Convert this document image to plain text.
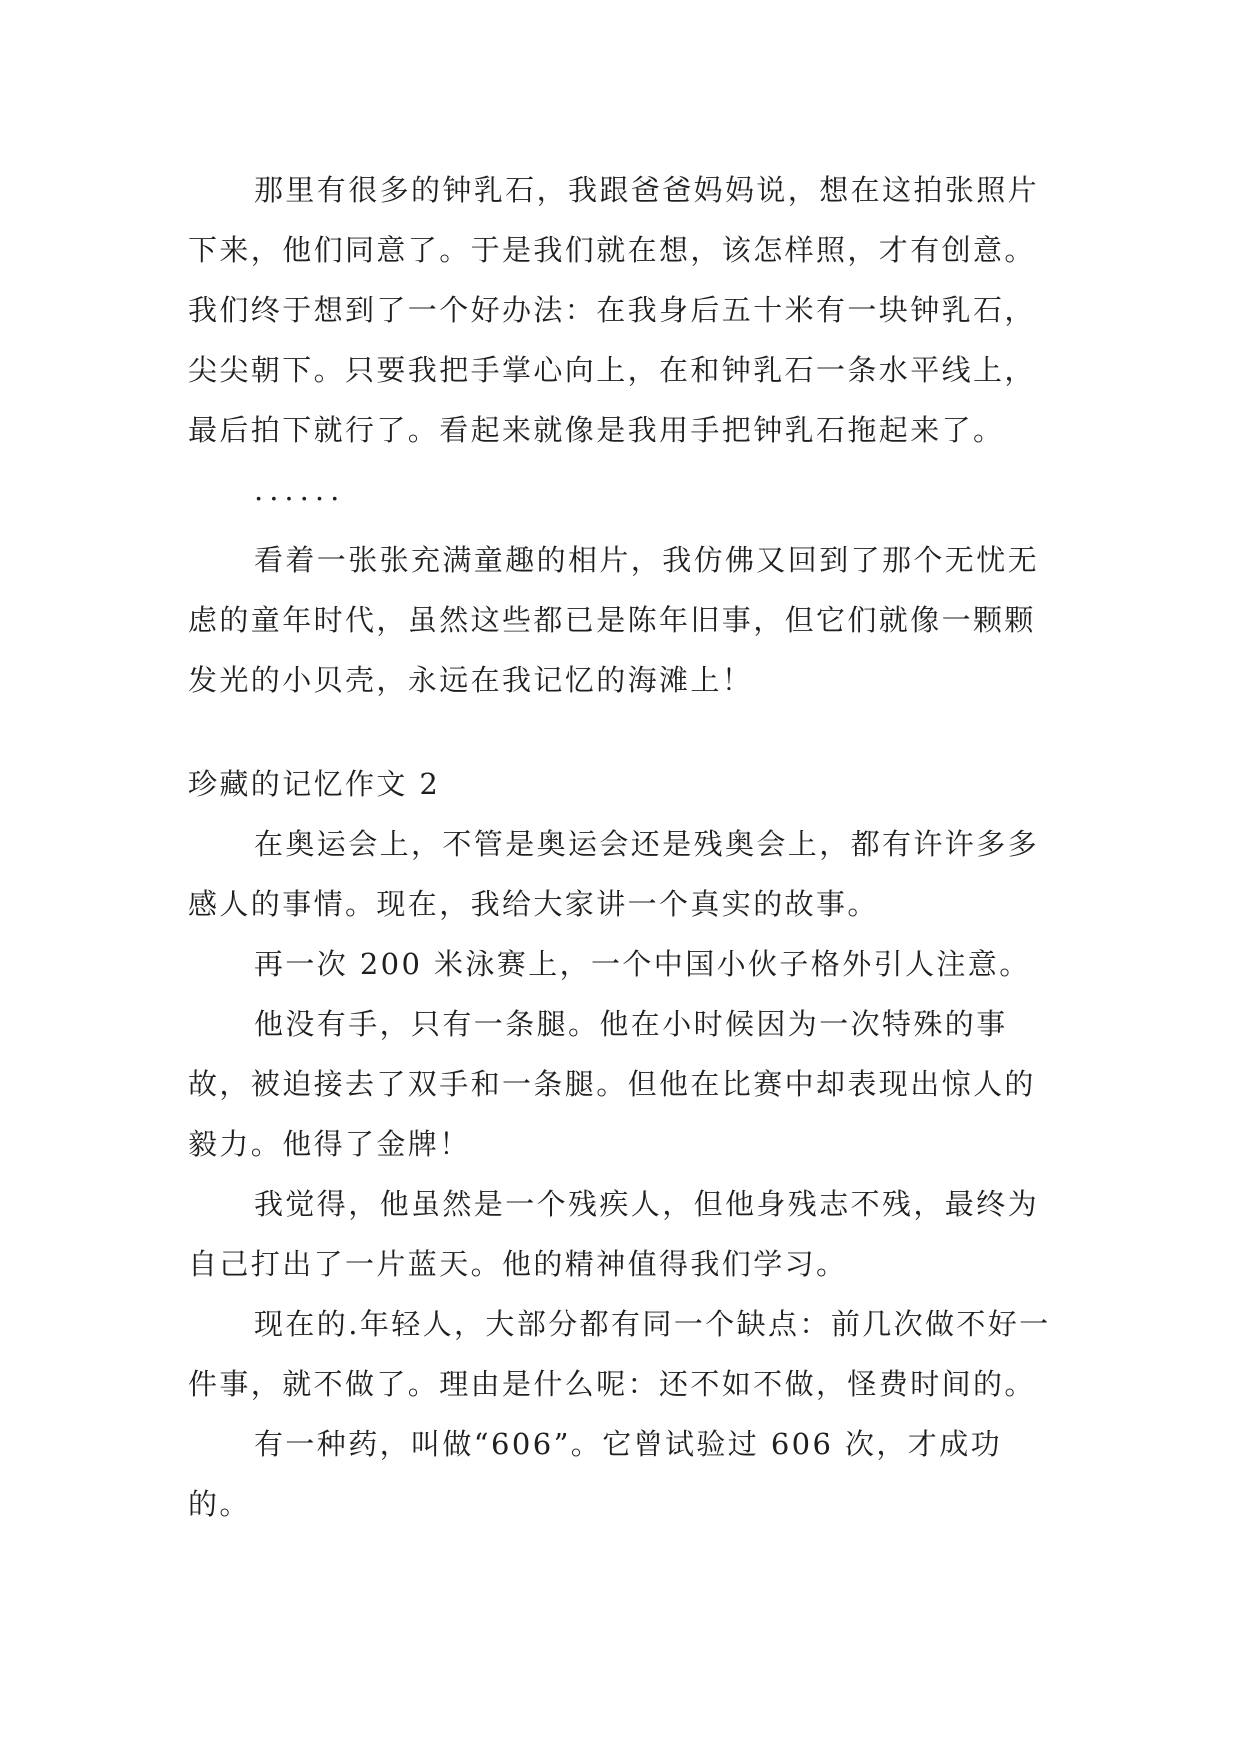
那里有很多的钟乳石，我跟爸爸妈妈说，想在这拍张照片下来，他们同意了。于是我们就在想，该怎样照，才有创意。我们终于想到了一个好办法：在我身后五十米有一块钟乳石，尖尖朝下。只要我把手掌心向上，在和钟乳石一条水平线上，最后拍下就行了。看起来就像是我用手把钟乳石拖起来了。

......

看着一张张充满童趣的相片，我仿佛又回到了那个无忧无虑的童年时代，虽然这些都已是陈年旧事，但它们就像一颗颗发光的小贝壳，永远在我记忆的海滩上！

珍藏的记忆作文 2

在奥运会上，不管是奥运会还是残奥会上，都有许许多多感人的事情。现在，我给大家讲一个真实的故事。

再一次 200 米泳赛上，一个中国小伙子格外引人注意。

他没有手，只有一条腿。他在小时候因为一次特殊的事故，被迫接去了双手和一条腿。但他在比赛中却表现出惊人的毅力。他得了金牌！

我觉得，他虽然是一个残疾人，但他身残志不残，最终为自己打出了一片蓝天。他的精神值得我们学习。

现在的.年轻人，大部分都有同一个缺点：前几次做不好一件事，就不做了。理由是什么呢：还不如不做，怪费时间的。

有一种药，叫做“606”。它曾试验过 606 次，才成功的。
